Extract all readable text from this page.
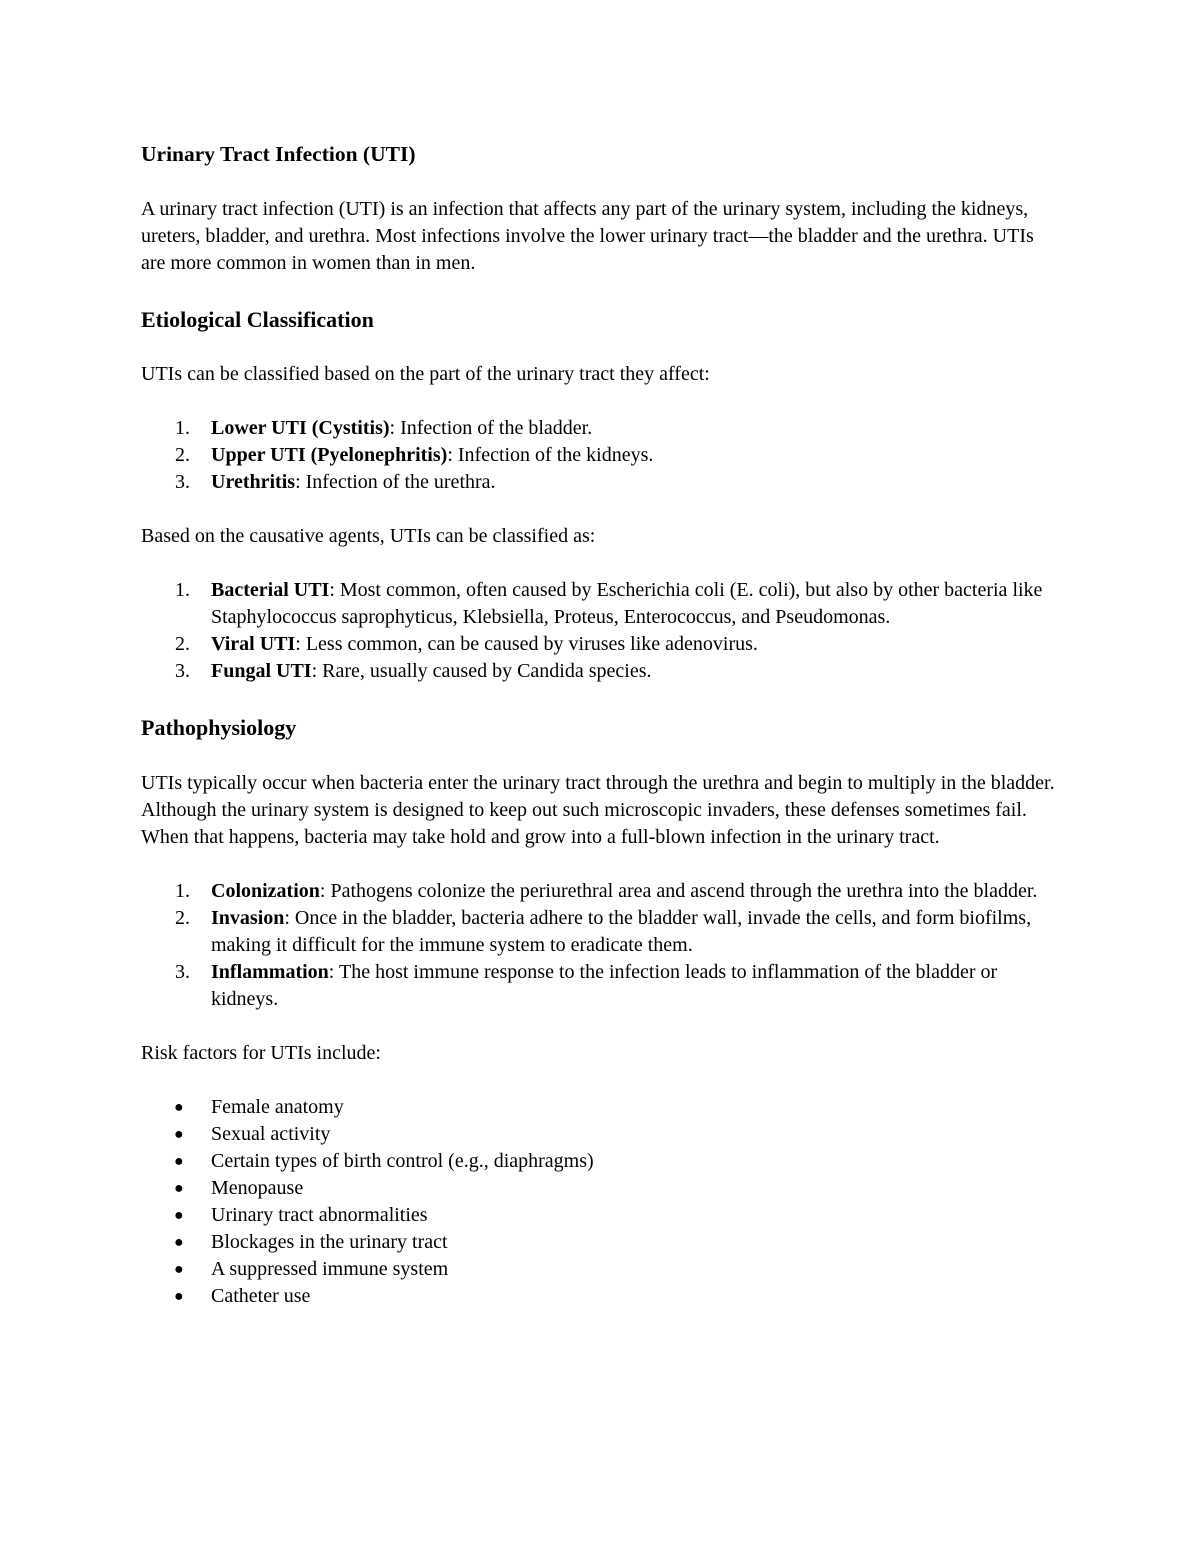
Urinary Tract Infection (UTI)

A urinary tract infection (UTI) is an infection that affects any part of the urinary system, including the kidneys, ureters, bladder, and urethra. Most infections involve the lower urinary tract—the bladder and the urethra. UTIs are more common in women than in men.

Etiological Classification

UTIs can be classified based on the part of the urinary tract they affect:

1. Lower UTI (Cystitis): Infection of the bladder.
2. Upper UTI (Pyelonephritis): Infection of the kidneys.
3. Urethritis: Infection of the urethra.

Based on the causative agents, UTIs can be classified as:

1. Bacterial UTI: Most common, often caused by Escherichia coli (E. coli), but also by other bacteria like Staphylococcus saprophyticus, Klebsiella, Proteus, Enterococcus, and Pseudomonas.
2. Viral UTI: Less common, can be caused by viruses like adenovirus.
3. Fungal UTI: Rare, usually caused by Candida species.
Pathophysiology

UTIs typically occur when bacteria enter the urinary tract through the urethra and begin to multiply in the bladder. Although the urinary system is designed to keep out such microscopic invaders, these defenses sometimes fail. When that happens, bacteria may take hold and grow into a full-blown infection in the urinary tract.

1. Colonization: Pathogens colonize the periurethral area and ascend through the urethra into the bladder.
2. Invasion: Once in the bladder, bacteria adhere to the bladder wall, invade the cells, and form biofilms, making it difficult for the immune system to eradicate them.
3. Inflammation: The host immune response to the infection leads to inflammation of the bladder or kidneys.

Risk factors for UTIs include:

● Female anatomy
● Sexual activity
● Certain types of birth control (e.g., diaphragms)
● Menopause
● Urinary tract abnormalities
● Blockages in the urinary tract
● A suppressed immune system
● Catheter use
